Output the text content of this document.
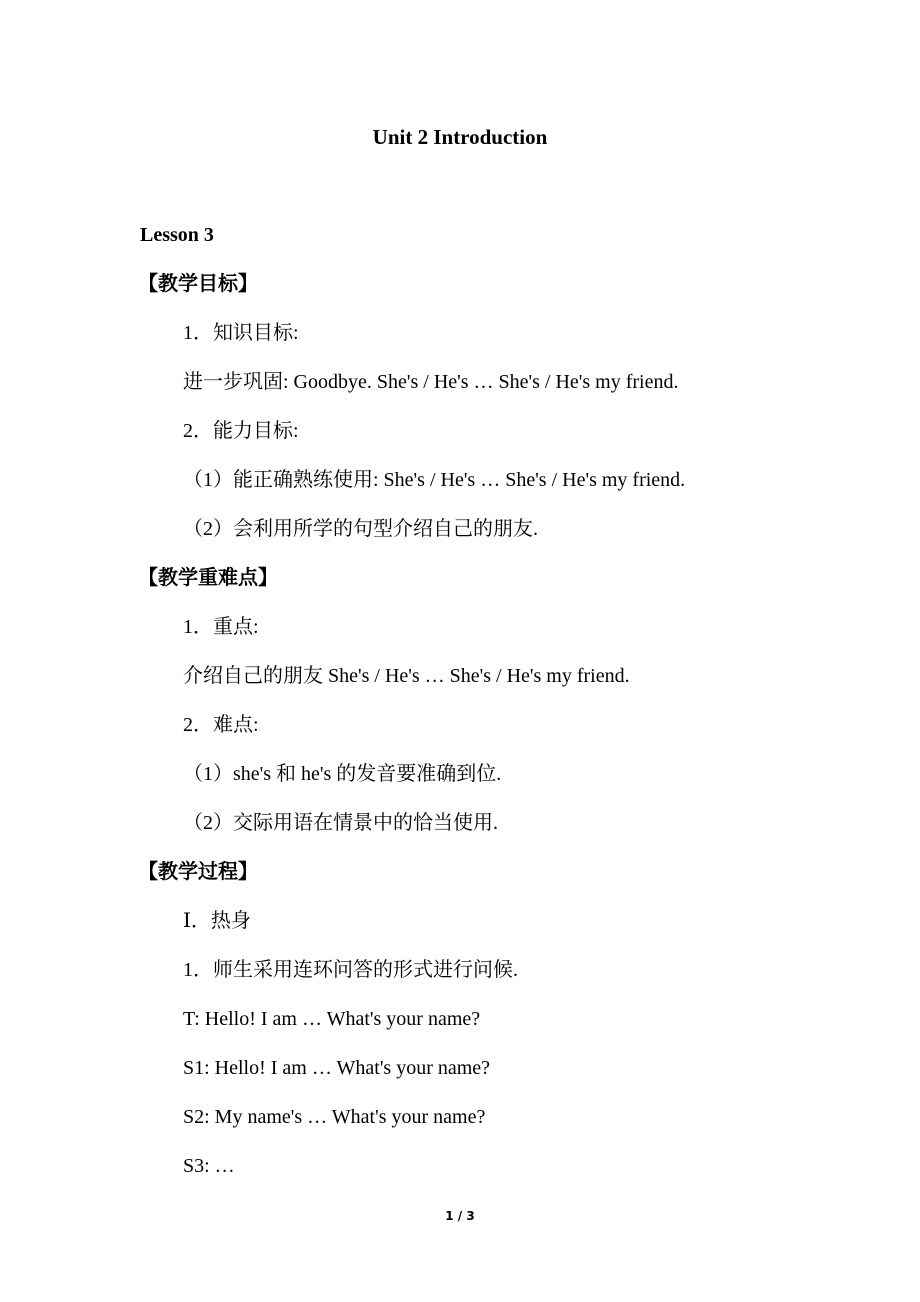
Unit 2 Introduction
Lesson 3
【教学目标】
1．知识目标:
进一步巩固: Goodbye. She's / He's … She's / He's my friend.
2．能力目标:
（1）能正确熟练使用: She's / He's … She's / He's my friend.
（2）会利用所学的句型介绍自己的朋友.
【教学重难点】
1．重点:
介绍自己的朋友 She's / He's … She's / He's my friend.
2．难点:
（1）she's 和 he's 的发音要准确到位.
（2）交际用语在情景中的恰当使用.
【教学过程】
Ⅰ．热身
1．师生采用连环问答的形式进行问候.
T: Hello! I am … What's your name?
S1: Hello! I am … What's your name?
S2: My name's … What's your name?
S3: …
1 / 3
